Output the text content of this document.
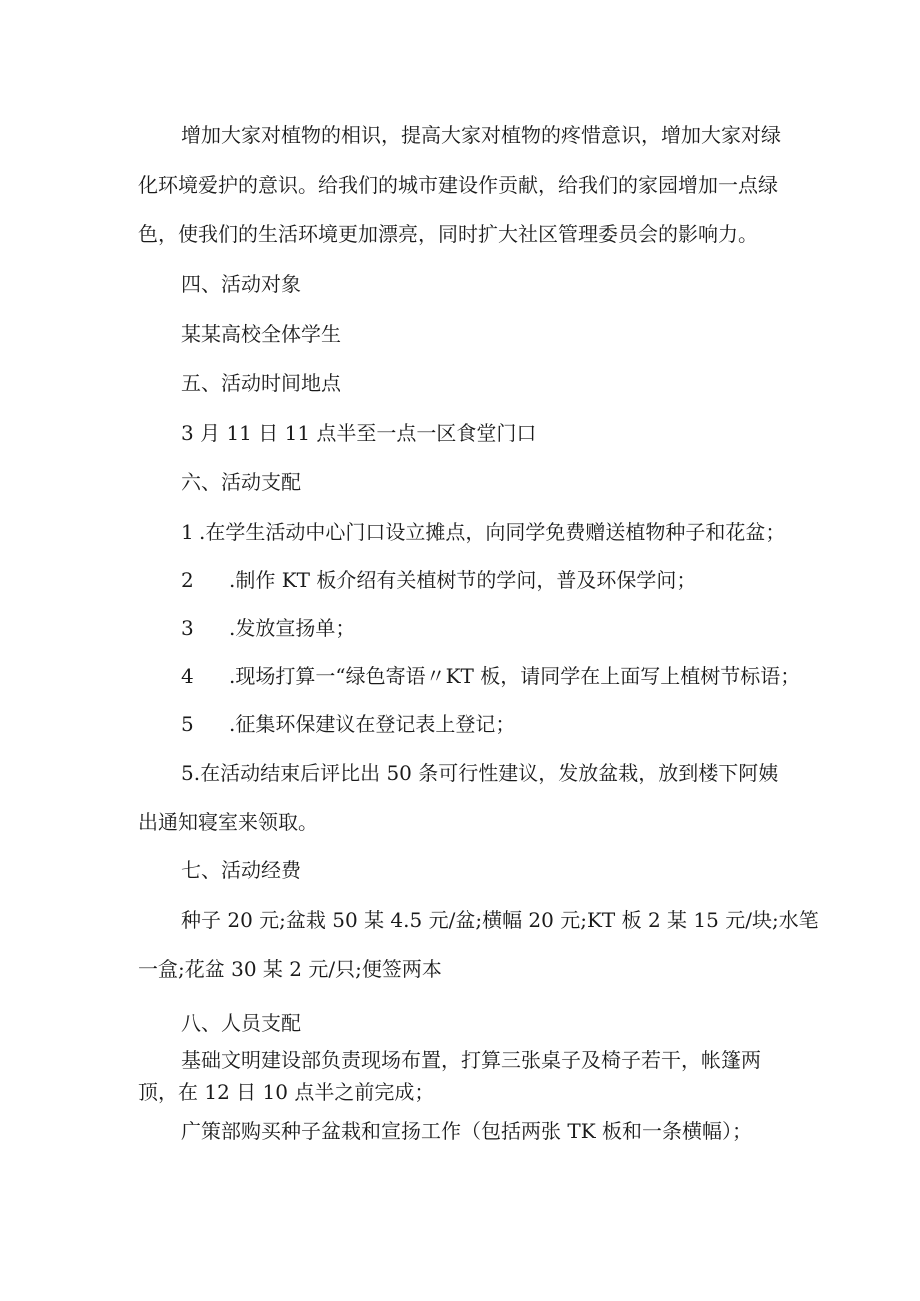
增加大家对植物的相识，提高大家对植物的疼惜意识，增加大家对绿

化环境爱护的意识。给我们的城市建设作贡献，给我们的家园增加一点绿

色，使我们的生活环境更加漂亮，同时扩大社区管理委员会的影响力。

四、活动对象

某某高校全体学生

五、活动时间地点

3 月 11 日 11 点半至一点一区食堂门口

六、活动支配

1 .在学生活动中心门口设立摊点，向同学免费赠送植物种子和花盆；

2 .制作 KT 板介绍有关植树节的学问，普及环保学问；

3 .发放宣扬单；

4 .现场打算一“绿色寄语〃KT 板，请同学在上面写上植树节标语；

5 .征集环保建议在登记表上登记；

5.在活动结束后评比出 50 条可行性建议，发放盆栽，放到楼下阿姨

出通知寝室来领取。

七、活动经费

种子 20 元;盆栽 50 某 4.5 元/盆;横幅 20 元;KT 板 2 某 15 元/块;水笔

一盒;花盆 30 某 2 元/只;便签两本

八、人员支配

基础文明建设部负责现场布置，打算三张桌子及椅子若干，帐篷两

顶，在 12 日 10 点半之前完成；

广策部购买种子盆栽和宣扬工作（包括两张 TK 板和一条横幅）；
